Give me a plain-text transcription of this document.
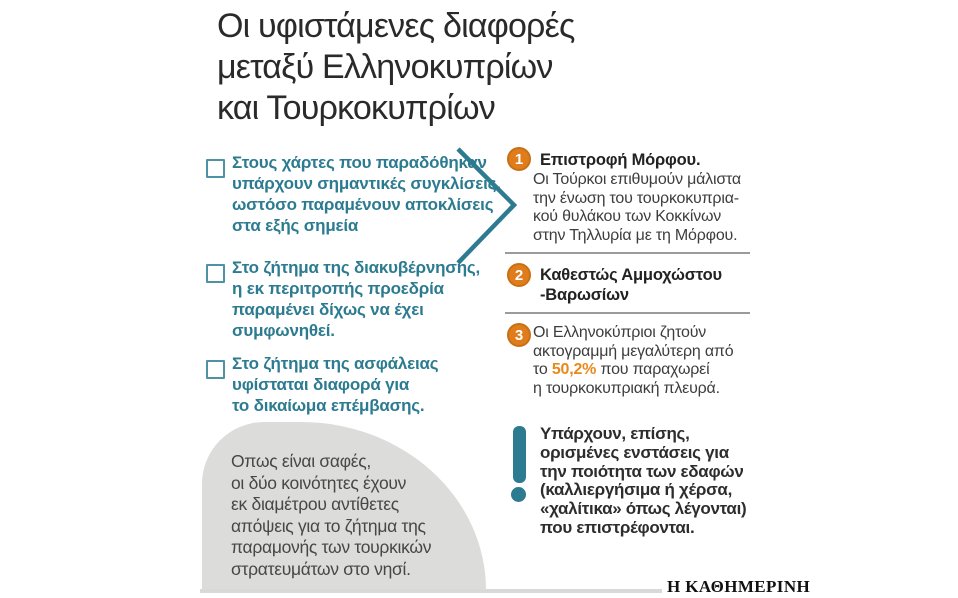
Οι υφιστάμενες διαφορές
μεταξύ Ελληνοκυπρίων
και Τουρκοκυπρίων
Στους χάρτες που παραδόθηκαν
υπάρχουν σημαντικές συγκλίσεις,
ωστόσο παραμένουν αποκλίσεις
στα εξής σημεία
Στο ζήτημα της διακυβέρνησης,
η εκ περιτροπής προεδρία
παραμένει δίχως να έχει
συμφωνηθεί.
Στο ζήτημα της ασφάλειας
υφίσταται διαφορά για
το δικαίωμα επέμβασης.
1 Επιστροφή Μόρφου.
Οι Τούρκοι επιθυμούν μάλιστα
την ένωση του τουρκοκυπρια-
κού θυλάκου των Κοκκίνων
στην Τηλλυρία με τη Μόρφου.
2 Καθεστώς Αμμοχώστου
-Βαρωσίων
3 Οι Ελληνοκύπριοι ζητούν
ακτογραμμή μεγαλύτερη από
το 50,2% που παραχωρεί
η τουρκοκυπριακή πλευρά.
Υπάρχουν, επίσης,
ορισμένες ενστάσεις για
την ποιότητα των εδαφών
(καλλιεργήσιμα ή χέρσα,
«χαλίτικα» όπως λέγονται)
που επιστρέφονται.
Οπως είναι σαφές,
οι δύο κοινότητες έχουν
εκ διαμέτρου αντίθετες
απόψεις για το ζήτημα της
παραμονής των τουρκικών
στρατευμάτων στο νησί.
Η ΚΑΘΗΜΕΡΙΝΗ
